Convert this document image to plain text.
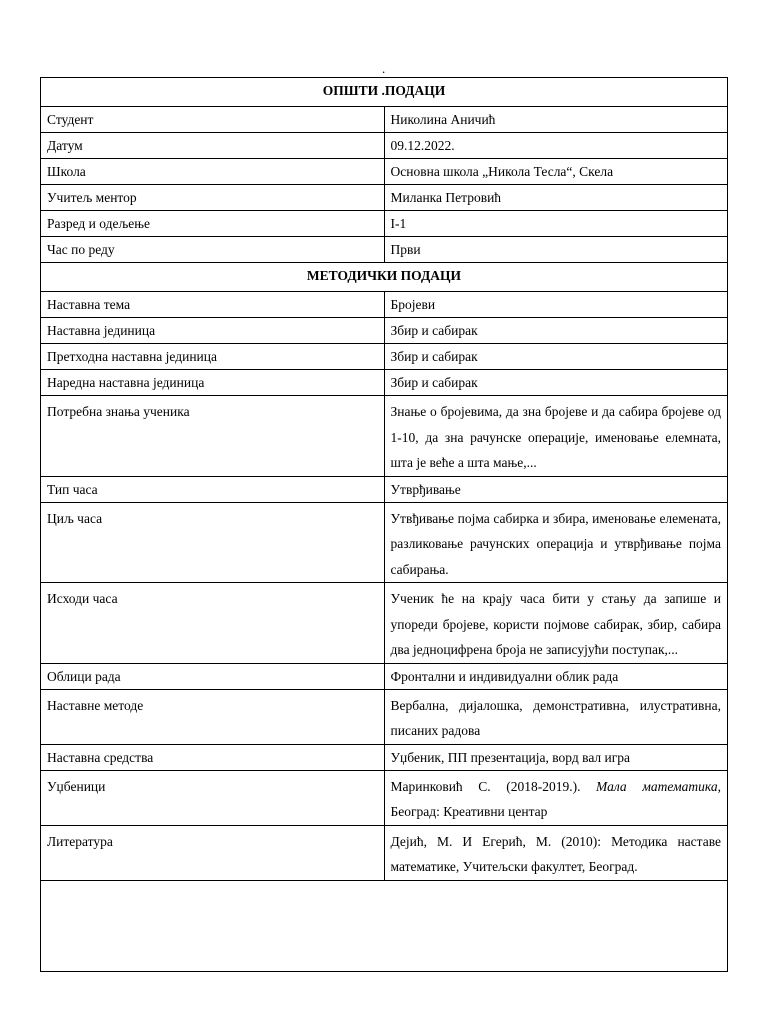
.
ОПШТИ .ПОДАЦИ	
Студент	Николина Аничић
Датум	09.12.2022.
Школа	Основна школа „Никола Тесла“, Скела
Учитељ ментор	Миланка Петровић
Разред и одељење	I-1
Час по реду	Први
МЕТОДИЧКИ ПОДАЦИ	
Наставна тема	Бројеви
Наставна јединица	Збир и сабирак
Претходна наставна јединица	Збир и сабирак
Наредна наставна јединица	Збир и сабирак
Потребна знања ученика	Знање о бројевима, да зна бројеве и да сабира бројеве од 1-10, да зна рачунске операције, именовање елемната, шта је веће а шта мање,...
Тип часа	Утврђивање
Циљ часа	Утвђивање појма сабирка и збира, именовање елемената, разликовање рачунских операција и утврђивање појма сабирања.
Исходи часа	Ученик ће на крају часа бити у стању да запише и упореди бројеве, користи појмове сабирак, збир, сабира два једноцифрена броја не записујући поступак,...
Облици рада	Фронтални и индивидуални облик рада
Наставне методе	Вербална, дијалошка, демонстративна, илустративна, писаних радова
Наставна средства	Уџбеник, ПП презентација, ворд вал игра
Уџбеници	Маринковић С. (2018-2019.). Мала математика, Београд: Креативни центар
Литература	Дејић, М. И Егерић, М. (2010): Методика наставе математике, Учитељски факултет, Београд.
